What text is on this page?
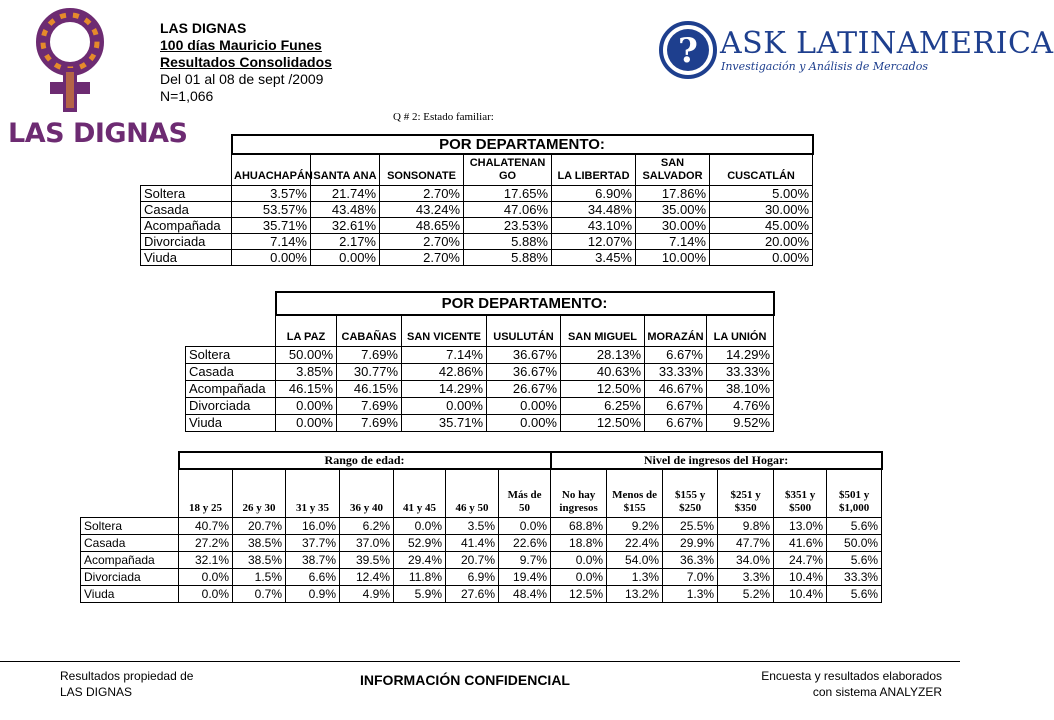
LAS DIGNAS
LAS DIGNAS
100 días Mauricio Funes
Resultados Consolidados
Del 01 al 08 de sept /2009
N=1,066
? ASK LATINAMERICA
Investigación y Análisis de Mercados
Q # 2: Estado familiar:
	POR DEPARTAMENTO:						
	AHUACHAPÁN	SANTA ANA	SONSONATE	CHALATENANGO	LA LIBERTAD	SAN SALVADOR	CUSCATLÁN
Soltera	3.57%	21.74%	2.70%	17.65%	6.90%	17.86%	5.00%
Casada	53.57%	43.48%	43.24%	47.06%	34.48%	35.00%	30.00%
Acompañada	35.71%	32.61%	48.65%	23.53%	43.10%	30.00%	45.00%
Divorciada	7.14%	2.17%	2.70%	5.88%	12.07%	7.14%	20.00%
Viuda	0.00%	0.00%	2.70%	5.88%	3.45%	10.00%	0.00%
	POR DEPARTAMENTO:						
	LA PAZ	CABAÑAS	SAN VICENTE	USULUTÁN	SAN MIGUEL	MORAZÁN	LA UNIÓN
Soltera	50.00%	7.69%	7.14%	36.67%	28.13%	6.67%	14.29%
Casada	3.85%	30.77%	42.86%	36.67%	40.63%	33.33%	33.33%
Acompañada	46.15%	46.15%	14.29%	26.67%	12.50%	46.67%	38.10%
Divorciada	0.00%	7.69%	0.00%	0.00%	6.25%	6.67%	4.76%
Viuda	0.00%	7.69%	35.71%	0.00%	12.50%	6.67%	9.52%
	Rango de edad:							Nivel de ingresos del Hogar:					
	18 y 25	26 y 30	31 y 35	36 y 40	41 y 45	46 y 50	Más de 50	No hay ingresos	Menos de $155	$155 y $250	$251 y $350	$351 y $500	$501 y $1,000
Soltera	40.7%	20.7%	16.0%	6.2%	0.0%	3.5%	0.0%	68.8%	9.2%	25.5%	9.8%	13.0%	5.6%
Casada	27.2%	38.5%	37.7%	37.0%	52.9%	41.4%	22.6%	18.8%	22.4%	29.9%	47.7%	41.6%	50.0%
Acompañada	32.1%	38.5%	38.7%	39.5%	29.4%	20.7%	9.7%	0.0%	54.0%	36.3%	34.0%	24.7%	5.6%
Divorciada	0.0%	1.5%	6.6%	12.4%	11.8%	6.9%	19.4%	0.0%	1.3%	7.0%	3.3%	10.4%	33.3%
Viuda	0.0%	0.7%	0.9%	4.9%	5.9%	27.6%	48.4%	12.5%	13.2%	1.3%	5.2%	10.4%	5.6%
Resultados propiedad de
LAS DIGNAS
INFORMACIÓN CONFIDENCIAL	Encuesta y resultados elaborados
con sistema ANALYZER
